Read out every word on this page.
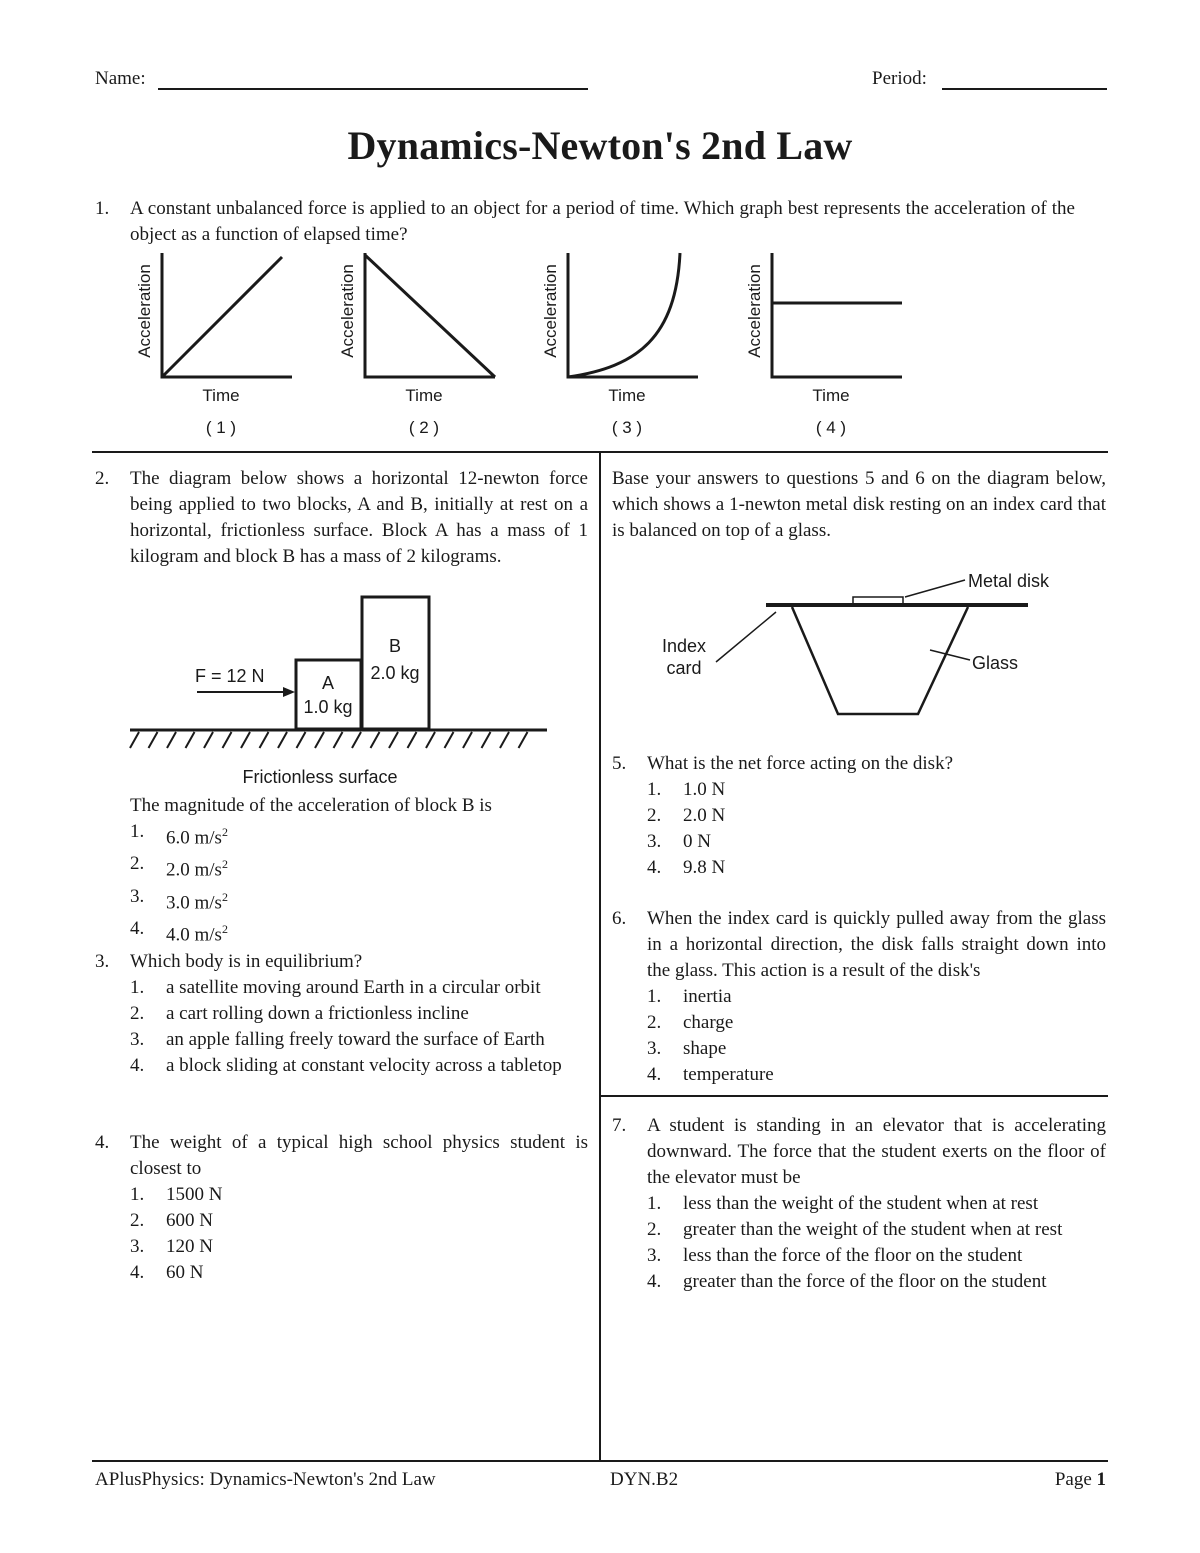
Name:	Period:
Dynamics-Newton's 2nd Law
1. A constant unbalanced force is applied to an object for a period of time. Which graph best represents the acceleration of the object as a function of elapsed time?
Acceleration
Time
( 1 )
Acceleration
Time
( 2 )
Acceleration
Time
( 3 )
Acceleration
Time
( 4 )
2. The diagram below shows a horizontal 12-newton force being applied to two blocks, A and B, initially at rest on a horizontal, frictionless surface. Block A has a mass of 1 kilogram and block B has a mass of 2 kilograms.
F = 12 N	A
1.0 kg
B
2.0 kg
Frictionless surface
The magnitude of the acceleration of block B is
1. 6.0 $m/s^2$
2. 2.0 $m/s^2$
3. 3.0 $m/s^2$
4. 4.0 $m/s^2$
3. Which body is in equilibrium?
1. a satellite moving around Earth in a circular orbit
2. a cart rolling down a frictionless incline
3. an apple falling freely toward the surface of Earth
4. a block sliding at constant velocity across a tabletop
4. The weight of a typical high school physics student is closest to
1. 1500 N
2. 600 N
3. 120 N
4. 60 N
Base your answers to questions 5 and 6 on the diagram below, which shows a 1-newton metal disk resting on an index card that is balanced on top of a glass.
Metal disk
Index
card	Glass
5. What is the net force acting on the disk?
1. 1.0 N
2. 2.0 N
3. 0 N
4. 9.8 N
6. When the index card is quickly pulled away from the glass in a horizontal direction, the disk falls straight down into the glass. This action is a result of the disk's
1. inertia
2. charge
3. shape
4. temperature
7. A student is standing in an elevator that is accelerating downward. The force that the student exerts on the floor of the elevator must be
1. less than the weight of the student when at rest
2. greater than the weight of the student when at rest
3. less than the force of the floor on the student
4. greater than the force of the floor on the student
APlusPhysics: Dynamics-Newton's 2nd Law	DYN.B2	Page 1
